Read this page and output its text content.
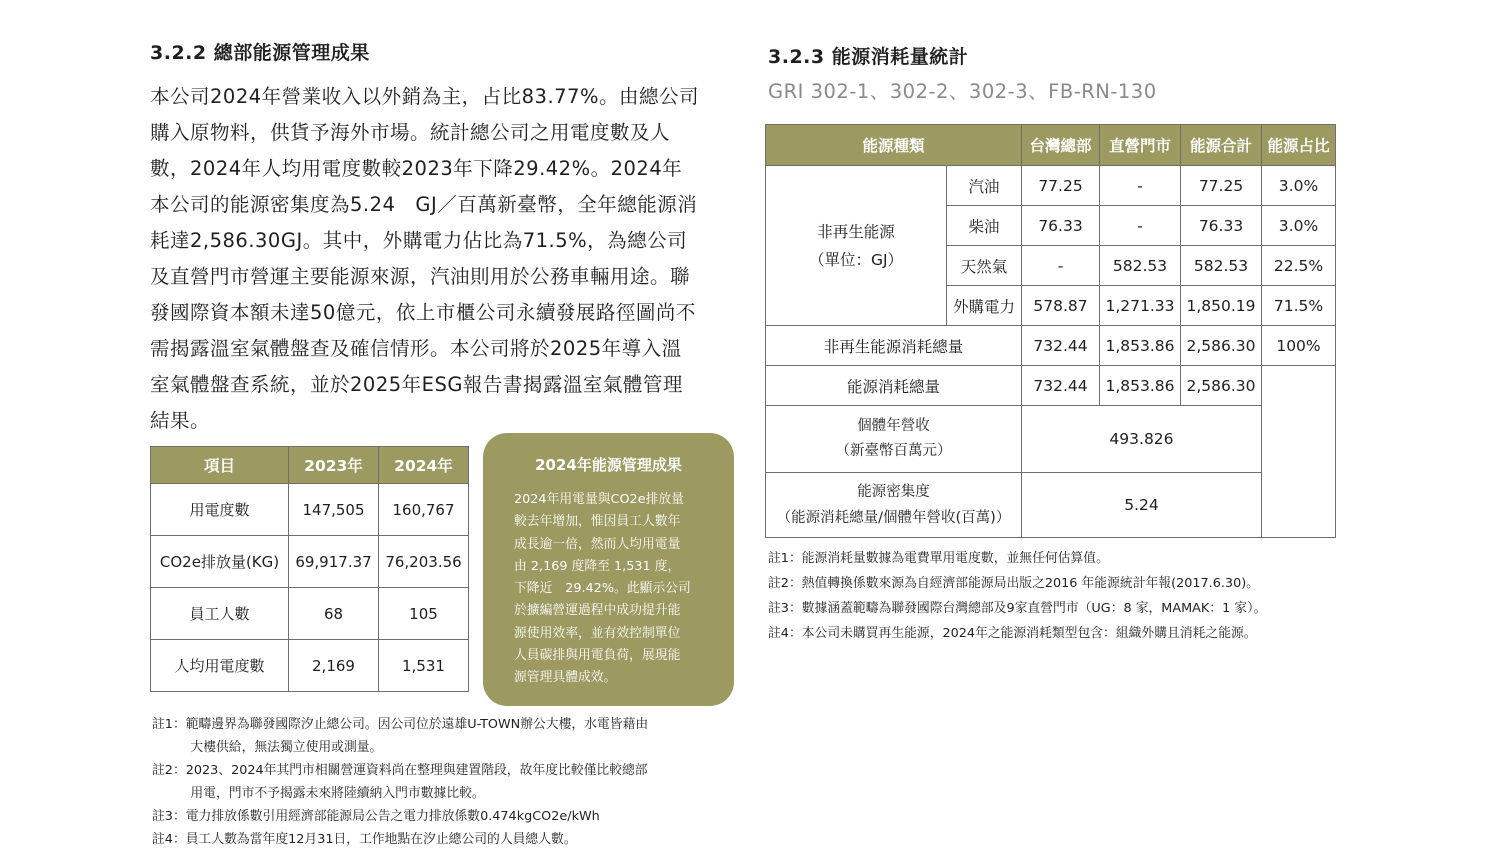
3.2.2 總部能源管理成果
本公司2024年營業收入以外銷為主，占比83.77%。由總公司
購入原物料，供貨予海外市場。統計總公司之用電度數及人
數，2024年人均用電度數較2023年下降29.42%。2024年
本公司的能源密集度為5.24　GJ／百萬新臺幣，全年總能源消
耗達2,586.30GJ。其中，外購電力佔比為71.5%，為總公司
及直營門市營運主要能源來源，汽油則用於公務車輛用途。聯
發國際資本額未達50億元，依上市櫃公司永續發展路徑圖尚不
需揭露溫室氣體盤查及確信情形。本公司將於2025年導入溫
室氣體盤查系統，並於2025年ESG報告書揭露溫室氣體管理
結果。
項目	2023年	2024年
用電度數	147,505	160,767
CO2e排放量(KG)	69,917.37	76,203.56
員工人數	68	105
人均用電度數	2,169	1,531
2024年能源管理成果
2024年用電量與CO2e排放量
較去年增加，惟因員工人數年
成長逾一倍，然而人均用電量
由 2,169 度降至 1,531 度，
下降近　29.42%。此顯示公司
於擴編營運過程中成功提升能
源使用效率，並有效控制單位
人員碳排與用電負荷，展現能
源管理具體成效。
註1：範疇邊界為聯發國際汐止總公司。因公司位於遠雄U-TOWN辦公大樓，水電皆藉由
　　　大樓供給，無法獨立使用或測量。
註2：2023、2024年其門市相關營運資料尚在整理與建置階段，故年度比較僅比較總部
　　　用電，門市不予揭露未來將陸續納入門市數據比較。
註3：電力排放係數引用經濟部能源局公告之電力排放係數0.474kgCO2e/kWh
註4：員工人數為當年度12月31日，工作地點在汐止總公司的人員總人數。
3.2.3 能源消耗量統計
GRI 302-1、302-2、302-3、FB-RN-130
能源種類		台灣總部	直營門市	能源合計	能源占比

非再生能源
（單位：GJ）	汽油	77.25	-	77.25	3.0%
	柴油	76.33	-	76.33	3.0%
	天然氣	-	582.53	582.53	22.5%
	外購電力	578.87	1,271.33	1,850.19	71.5%
非再生能源消耗總量		732.44	1,853.86	2,586.30	100%
能源消耗總量		732.44	1,853.86	2,586.30	

個體年營收
（新臺幣百萬元）		493.826			

能源密集度
（能源消耗總量/個體年營收(百萬)）		5.24			
註1：能源消耗量數據為電費單用電度數，並無任何估算值。
註2：熱值轉換係數來源為自經濟部能源局出版之2016 年能源統計年報(2017.6.30)。
註3：數據涵蓋範疇為聯發國際台灣總部及9家直營門市（UG：8 家，MAMAK：1 家）。
註4：本公司未購買再生能源，2024年之能源消耗類型包含：組織外購且消耗之能源。
